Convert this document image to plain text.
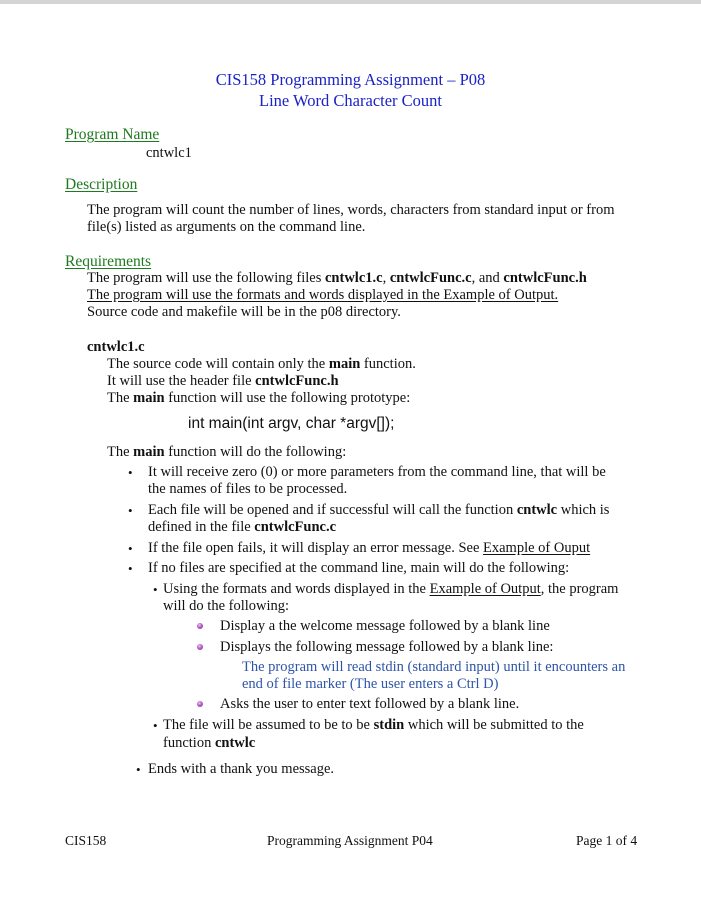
CIS158 Programming Assignment – P08
Line Word Character Count
Program Name
cntwlc1
Description
The program will count the number of lines, words, characters from standard input or from
file(s) listed as arguments on the command line.
Requirements
The program will use the following files cntwlc1.c, cntwlcFunc.c, and cntwlcFunc.h
The program will use the formats and words displayed in the Example of Output.
Source code and makefile will be in the p08 directory.
cntwlc1.c
The source code will contain only the main function.
It will use the header file cntwlcFunc.h
The main function will use the following prototype:
int main(int argv, char *argv[]);
The main function will do the following:
• It will receive zero (0) or more parameters from the command line, that will be
the names of files to be processed.
• Each file will be opened and if successful will call the function cntwlc which is
defined in the file cntwlcFunc.c
• If the file open fails, it will display an error message. See Example of Ouput
• If no files are specified at the command line, main will do the following:
• Using the formats and words displayed in the Example of Output, the program
will do the following:
Display a the welcome message followed by a blank line
Displays the following message followed by a blank line:
The program will read stdin (standard input) until it encounters an
end of file marker (The user enters a Ctrl D)
Asks the user to enter text followed by a blank line.
• The file will be assumed to be to be stdin which will be submitted to the
function cntwlc
• Ends with a thank you message.
CIS158	Programming Assignment P04	Page 1 of 4
